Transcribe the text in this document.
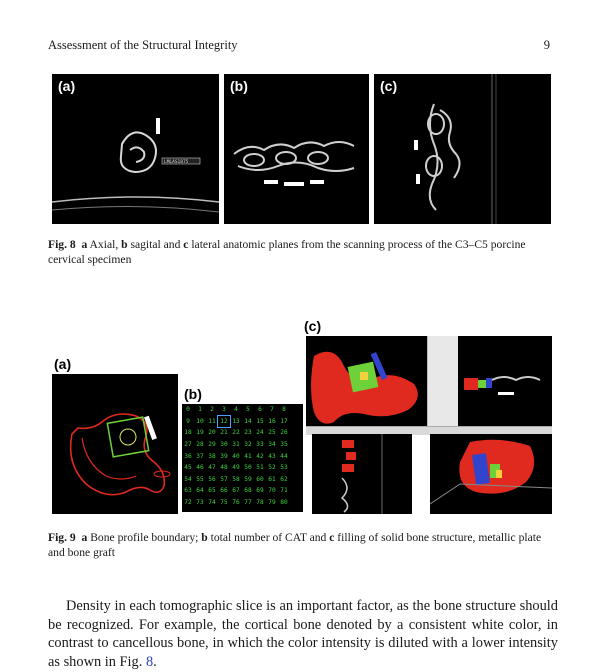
Assessment of the Structural Integrity	9
LMLAS1875
(a)	(b)	(c)
Fig. 8 a Axial, b sagital and c lateral anatomic planes from the scanning process of the C3–C5 porcine cervical specimen
(a)
(b)
0	1	2	3	4	5	6	7	8
9	10	11	12	13	14	15	16	17
18	19	20	21	22	23	24	25	26
27	28	29	30	31	32	33	34	35
36	37	38	39	40	41	42	43	44
45	46	47	48	49	50	51	52	53
54	55	56	57	58	59	60	61	62
63	64	65	66	67	68	69	70	71
72	73	74	75	76	77	78	79	80
(c)
Fig. 9 a Bone profile boundary; b total number of CAT and c filling of solid bone structure, metallic plate and bone graft

Density in each tomographic slice is an important factor, as the bone structure should be recognized. For example, the cortical bone denoted by a consistent white color, in contrast to cancellous bone, in which the color intensity is diluted with a lower intensity as shown in Fig. 8.
